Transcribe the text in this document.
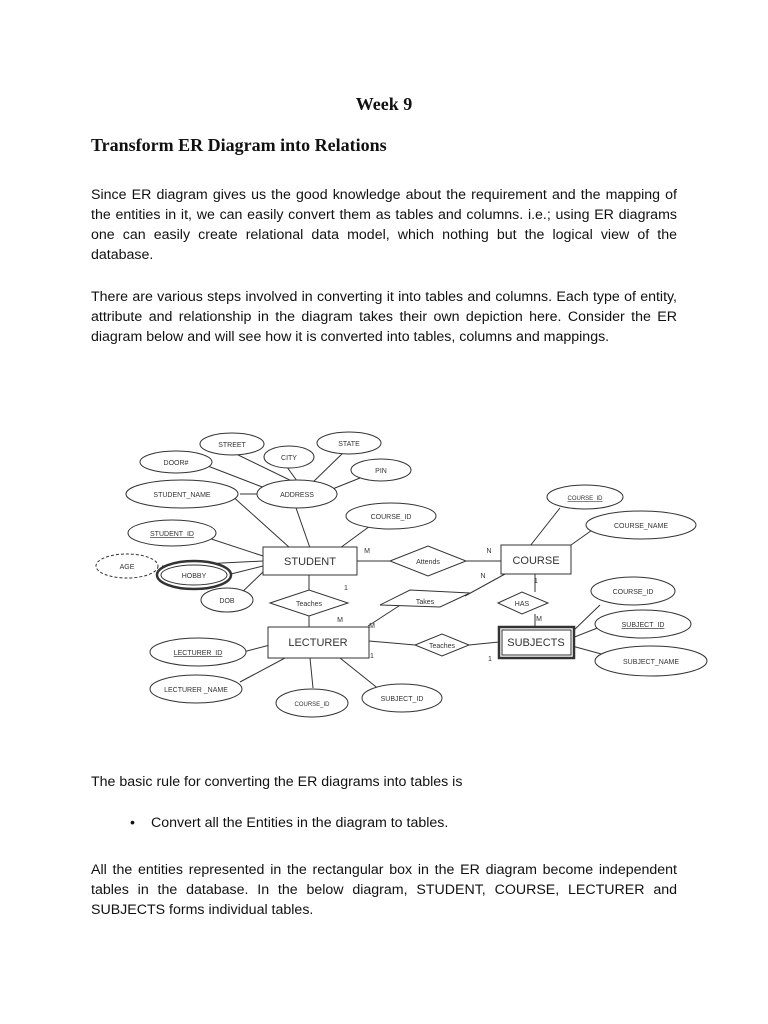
Week 9
Transform ER Diagram into Relations

Since ER diagram gives us the good knowledge about the requirement and the mapping of the entities in it, we can easily convert them as tables and columns. i.e.; using ER diagrams one can easily create relational data model, which nothing but the logical view of the database.

There are various steps involved in converting it into tables and columns. Each type of entity, attribute and relationship in the diagram takes their own depiction here. Consider the ER diagram below and will see how it is converted into tables, columns and mappings.

STUDENT	COURSE
LECTURER	SUBJECTS
STREET	STATE
CITY
DOOR#
PIN
STUDENT_NAME	ADDRESS
COURSE_ID
STUDENT_ID
AGE
HOBBY
DOB
COURSE_ID
COURSE_NAME
COURSE_ID
SUBJECT_ID
SUBJECT_NAME
LECTURER_ID
LECTURER _NAME
COURSE_ID
SUBJECT_ID
Attends
Teaches	Takes	HAS
Teaches
M	N
1
M
N
M
1
M
1	1

The basic rule for converting the ER diagrams into tables is

• Convert all the Entities in the diagram to tables.

All the entities represented in the rectangular box in the ER diagram become independent tables in the database. In the below diagram, STUDENT, COURSE, LECTURER and SUBJECTS forms individual tables.
